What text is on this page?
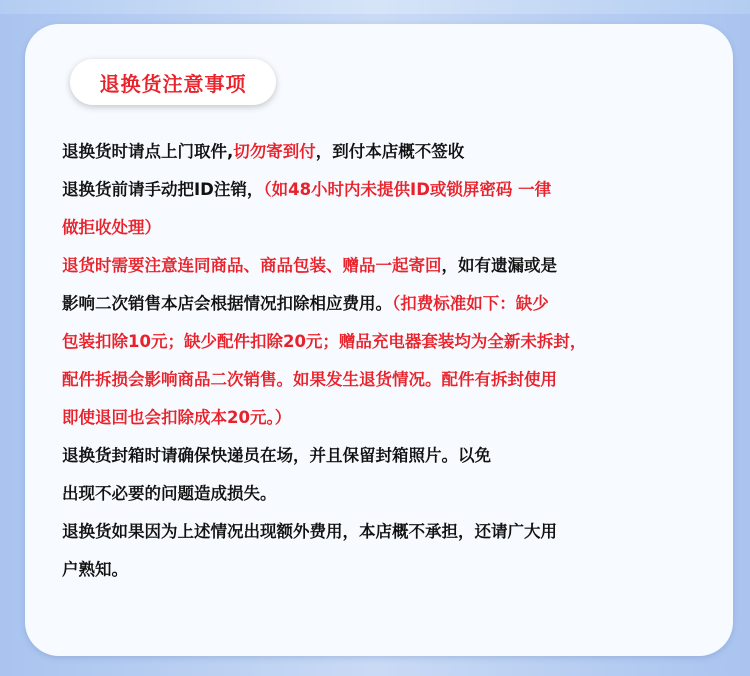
退换货注意事项
退换货时请点上门取件,切勿寄到付，到付本店概不签收
退换货前请手动把ID注销，（如48小时内未提供ID或锁屏密码 一律
做拒收处理）
退货时需要注意连同商品、商品包装、赠品一起寄回，如有遗漏或是
影响二次销售本店会根据情况扣除相应费用。（扣费标准如下：缺少
包装扣除10元；缺少配件扣除20元；赠品充电器套装均为全新未拆封，
配件拆损会影响商品二次销售。如果发生退货情况。配件有拆封使用
即使退回也会扣除成本20元。）
退换货封箱时请确保快递员在场，并且保留封箱照片。以免
出现不必要的问题造成损失。
退换货如果因为上述情况出现额外费用，本店概不承担，还请广大用
户熟知。
